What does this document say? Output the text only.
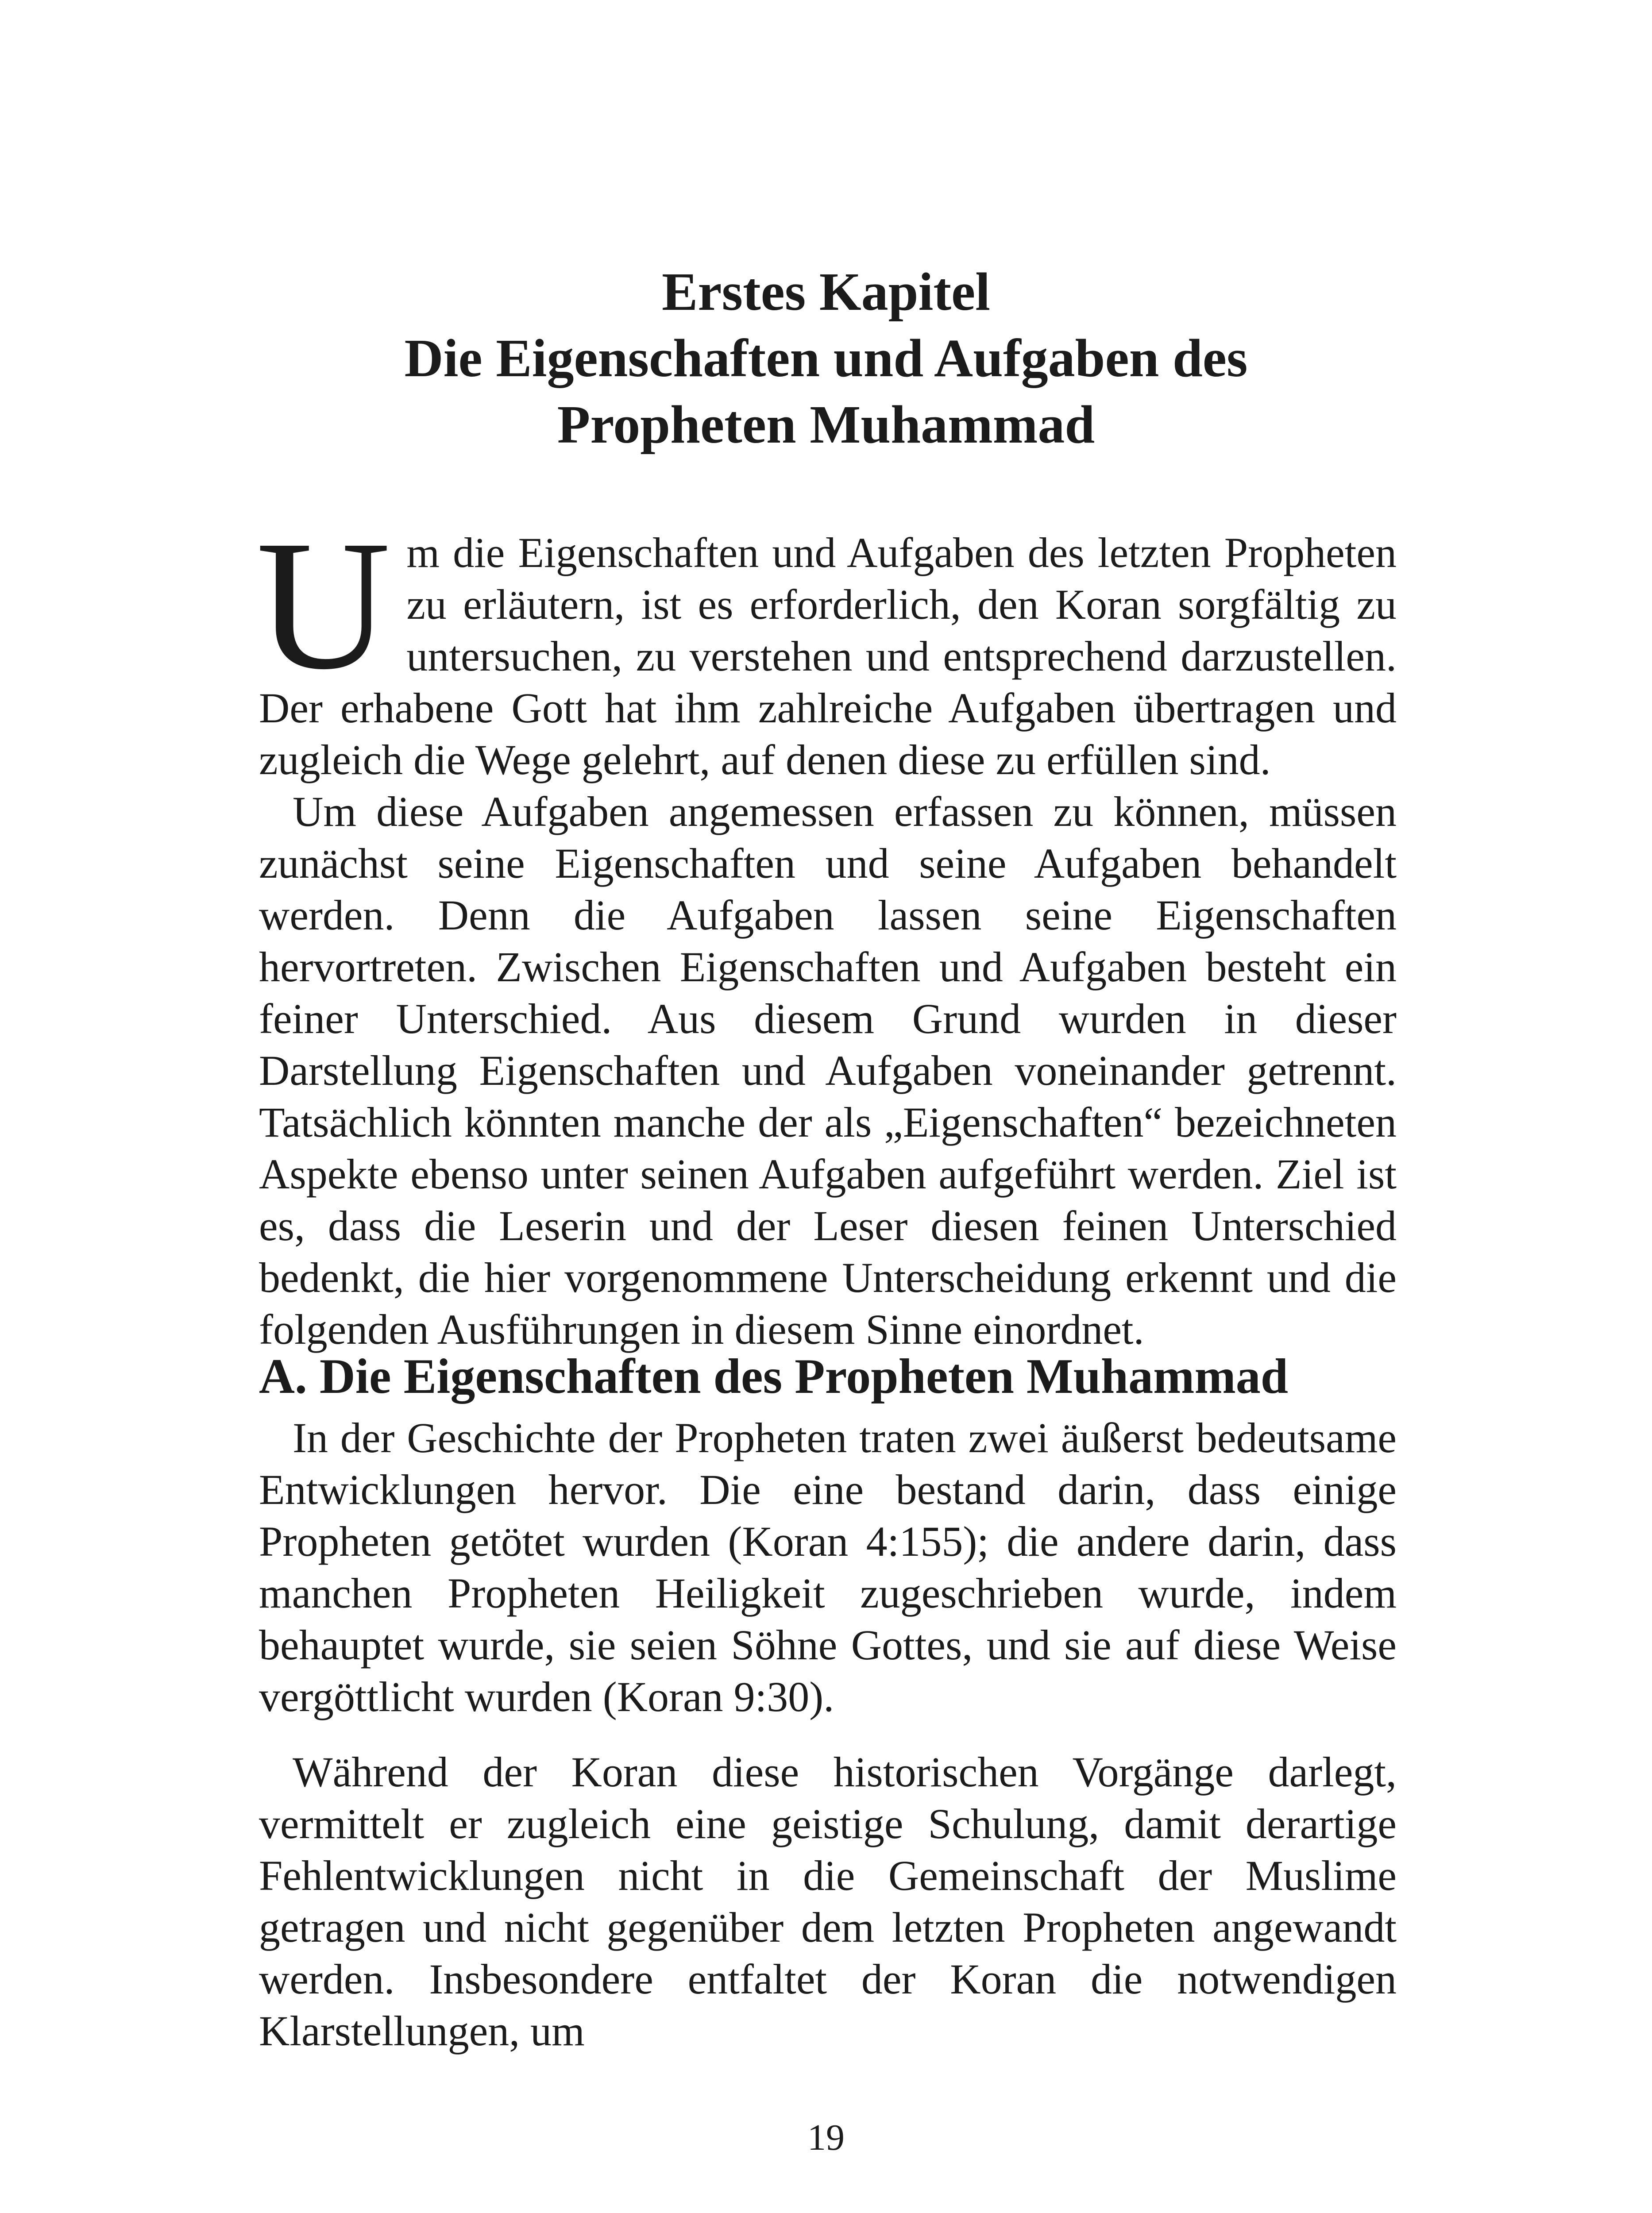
Erstes Kapitel
Die Eigenschaften und Aufgaben des
Propheten Muhammad

Um die Eigenschaften und Aufgaben des letzten Propheten zu erläutern, ist es erforderlich, den Koran sorgfältig zu untersuchen, zu verstehen und entsprechend darzustellen. Der erhabene Gott hat ihm zahlreiche Aufgaben übertragen und zugleich die Wege gelehrt, auf denen diese zu erfüllen sind.

Um diese Aufgaben angemessen erfassen zu können, müssen zunächst seine Eigenschaften und seine Aufgaben behandelt werden. Denn die Aufgaben lassen seine Eigenschaften hervortreten. Zwischen Eigenschaften und Aufgaben besteht ein feiner Unterschied. Aus diesem Grund wurden in dieser Darstellung Eigenschaften und Aufgaben voneinander getrennt. Tatsächlich könnten manche der als „Eigenschaften“ bezeichneten Aspekte ebenso unter seinen Aufgaben aufgeführt werden. Ziel ist es, dass die Leserin und der Leser diesen feinen Unterschied bedenkt, die hier vorgenommene Unterscheidung erkennt und die folgenden Ausführungen in diesem Sinne einordnet.

A. Die Eigenschaften des Propheten Muhammad

In der Geschichte der Propheten traten zwei äußerst bedeutsame Entwicklungen hervor. Die eine bestand darin, dass einige Propheten getötet wurden (Koran 4:155); die andere darin, dass manchen Propheten Heiligkeit zugeschrieben wurde, indem behauptet wurde, sie seien Söhne Gottes, und sie auf diese Weise vergöttlicht wurden (Koran 9:30).

Während der Koran diese historischen Vorgänge darlegt, vermittelt er zugleich eine geistige Schulung, damit derartige Fehlentwicklungen nicht in die Gemeinschaft der Muslime getragen und nicht gegenüber dem letzten Propheten angewandt werden. Insbesondere entfaltet der Koran die notwendigen Klarstellungen, um

19
